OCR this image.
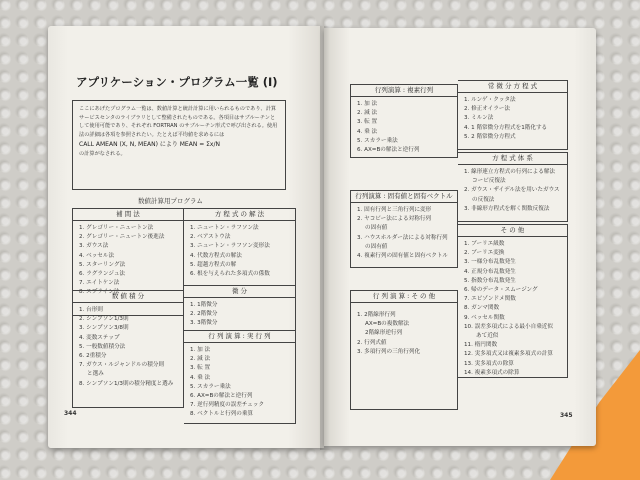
アプリケーション・プログラム一覧 (I)
ここにあげたプログラム一覧は、数値計算と統計計算に用いられるものであり、計算サービスセンタのライブラリとして整備されたものである。各項目はサブルーチンとして使用可能であり、それぞれ FORTRAN のサブルーチン形式で呼び出される。使用法の詳細は各項を参照されたい。たとえば平均値を求めるには
CALL AMEAN (X, N, MEAN) により MEAN = Σx/N
の計算がなされる。
数値計算用プログラム
補 間 法
1. グレゴリー・ニュートン法
2. グレゴリー・ニュートン後進法
3. ガウス法
4. ベッセル法
5. スターリング法
6. ラグランジュ法
7. エイトケン法
8. スプライン法
数 値 積 分
1. 台形則
2. シンプソン1/3則
3. シンプソン3/8則
4. 変数ステップ
5. 一般数値積分法
6. 2重積分
7. ガウス・ルジャンドルの積分則
と選み
8. シンプソン1/3則の積分精度と選み
方 程 式 の 解 法
1. ニュートン・ラフソン法
2. ベアストウ法
3. ニュートン・ラフソン変形法
4. 代数方程式の解法
5. 超越方程式の解
6. 根を与えられた多項式の係数
微 分
1. 1階微分
2. 2階微分
3. 3階微分
行 列 演 算 : 実 行 列
1. 加 法
2. 減 法
3. 転 置
4. 乗 法
5. スカラー乗法
6. AX=Bの解法と逆行列
7. 逆行列精度の誤差チェック
8. ベクトルと行列の乗算
344
行列演算 : 複素行列
1. 加 法
2. 減 法
3. 転 置
4. 乗 法
5. スカラー乗法
6. AX=Bの解法と逆行列
行列演算 : 固有値と固有ベクトル
1. 固有行列と三角行列に変形
2. ヤコビー法による対称行列
の固有値
3. ハウスホルダー法による対称行列
の固有値
4. 複素行列の固有値と固有ベクトル
行 列 演 算 : そ の 他
1. 2階線形行列
AX=Bの複数解法
2階線形逆行列
2. 行列式値
3. 多項行列の三角行列化
常 微 分 方 程 式
1. ルンゲ・クッタ法
2. 修正オイラー法
3. ミルン法
4. 1 階常微分方程式を1階化する
5. 2 階常微分方程式
方 程 式 体 系
1. 線形連立方程式の行列による解法
コービ反復法
2. ガウス・ザイデル法を用いたガウス
の反復法
3. 非線形方程式を解く関数反復法
そ の 他
1. ブーリエ級数
2. ブーリエ変換
3. 一様分布乱数発生
4. 正規分布乱数発生
5. 指数分布乱数発生
6. 帰のデータ・スムージング
7. エビゾンドメ関数
8. ガンマ関数
9. ベッセル関数
10. 誤差多項式による最小自乗近似
あて近似
11. 楕円関数
12. 実多項式又は複素多項式の計算
13. 実多項式の除算
14. 複素多項式の除算
345
